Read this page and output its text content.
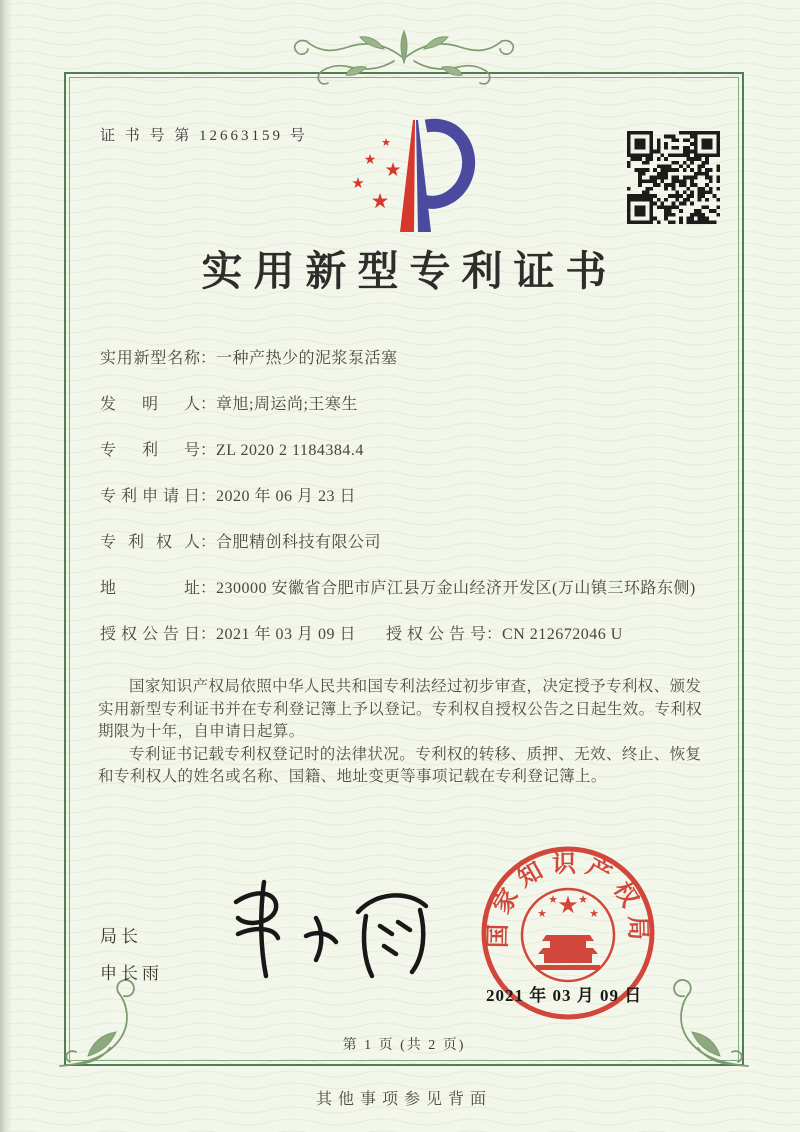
证 书 号 第 12663159 号	★
★ ★
★
★
实用新型专利证书
实用新型名称 ： 一种产热少的泥浆泵活塞
发明人 ： 章旭;周运尚;王寒生
专利号 ： ZL 2020 2 1184384.4
专利申请日 ： 2020 年 06 月 23 日
专利权人 ： 合肥精创科技有限公司
地址 ： 230000 安徽省合肥市庐江县万金山经济开发区(万山镇三环路东侧)
授权公告日 ： 2021 年 03 月 09 日 授权公告号 ： CN 212672046 U

国家知识产权局依照中华人民共和国专利法经过初步审查，决定授予专利权、颁发实用新型专利证书并在专利登记簿上予以登记。专利权自授权公告之日起生效。专利权期限为十年，自申请日起算。

专利证书记载专利权登记时的法律状况。专利权的转移、质押、无效、终止、恢复和专利权人的姓名或名称、国籍、地址变更等事项记载在专利登记簿上。

局长
申长雨
国家知识产权局
★
★
★ ★
★
2021 年 03 月 09 日
第 1 页 (共 2 页)
其他事项参见背面
